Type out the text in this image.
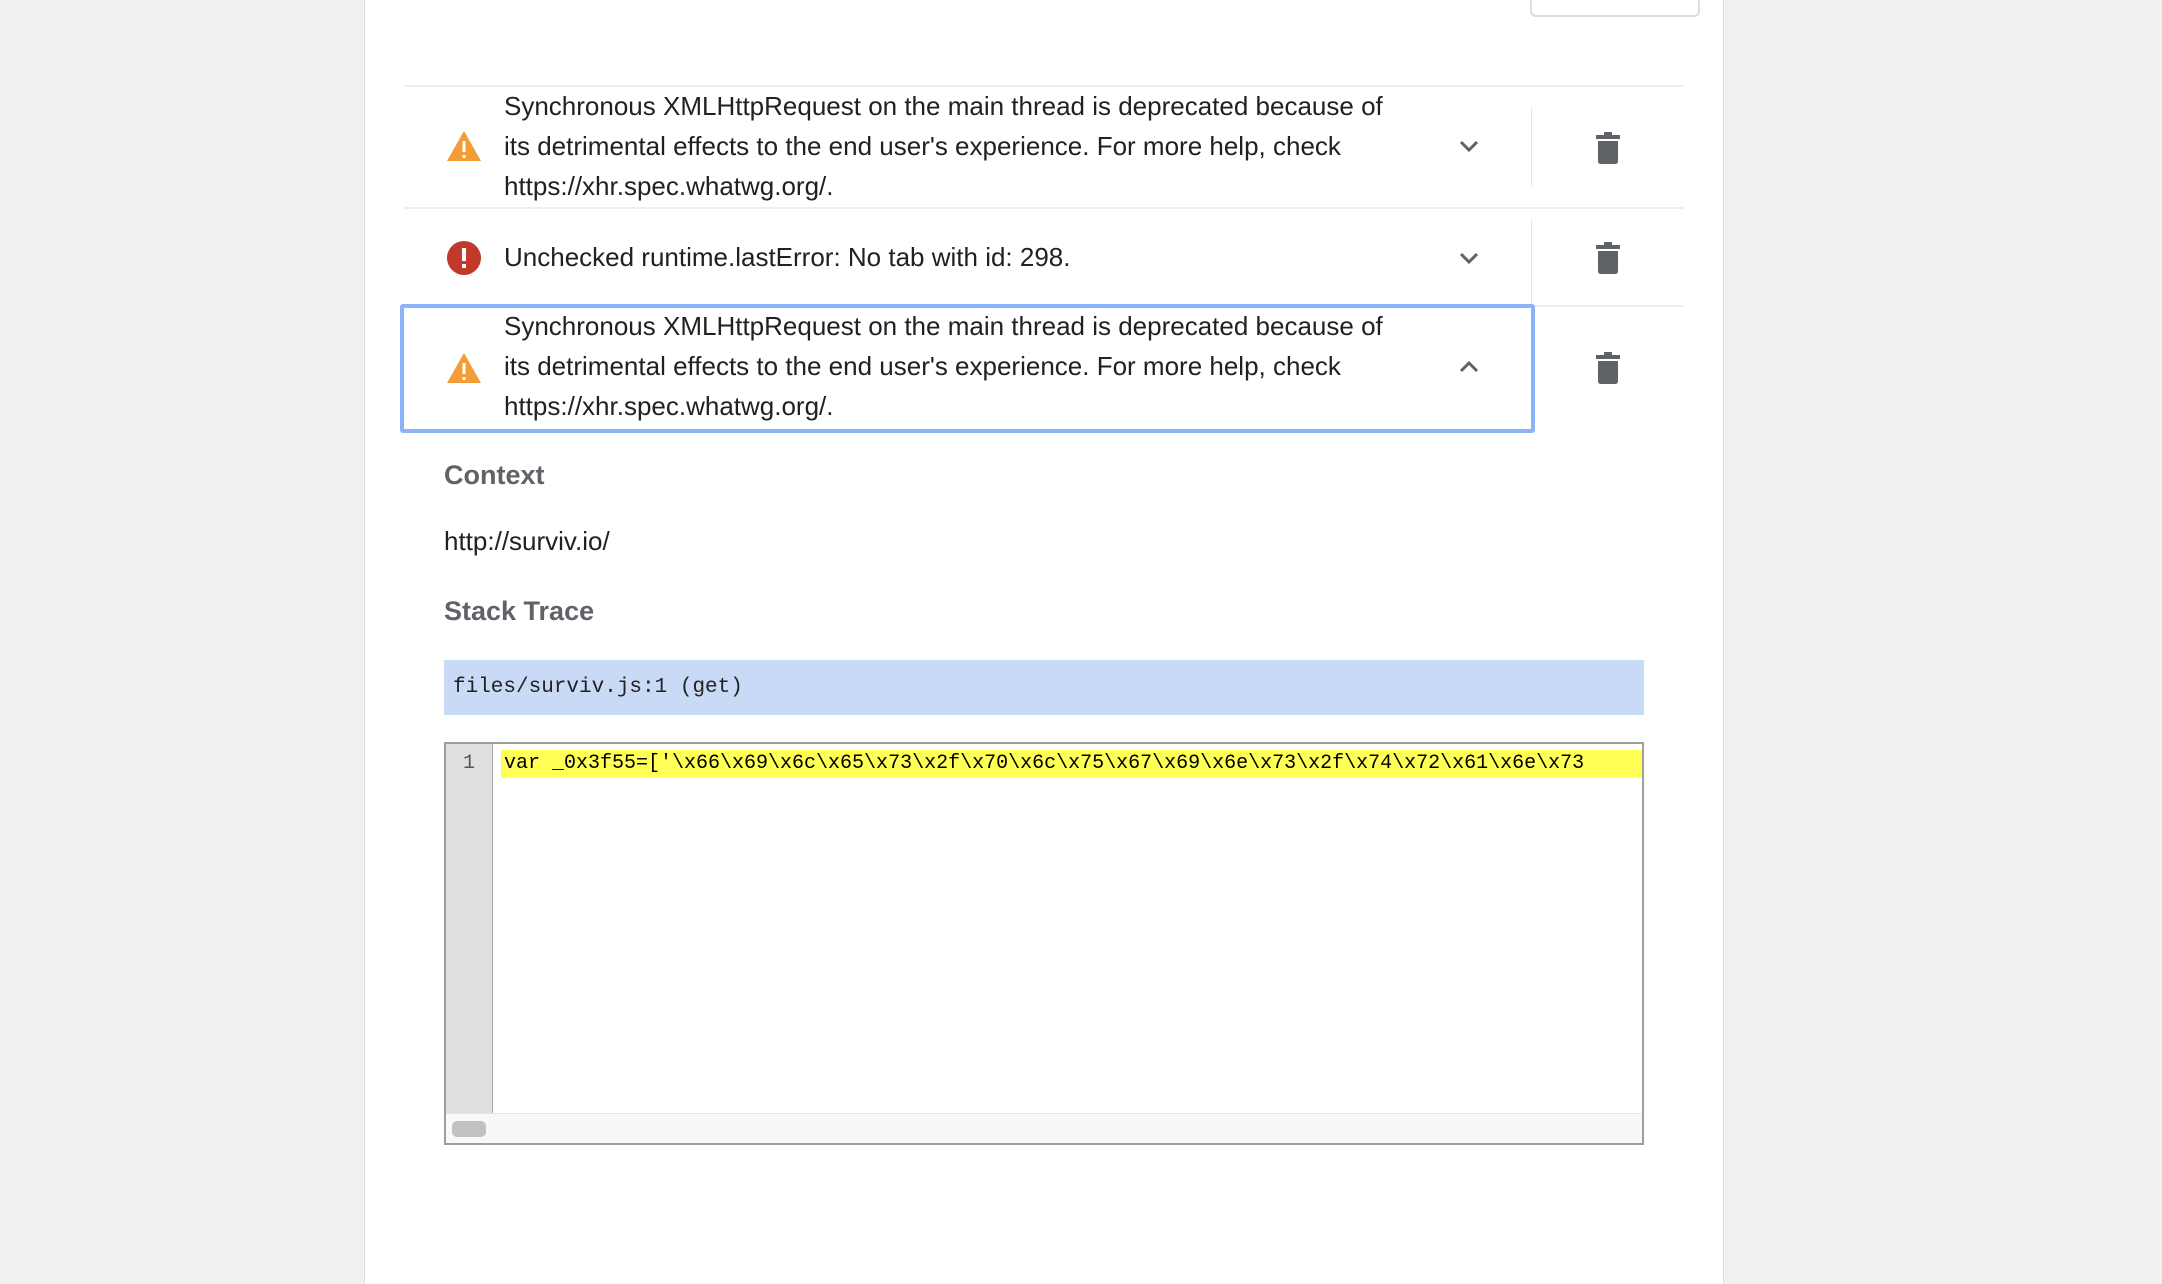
Synchronous XMLHttpRequest on the main thread is deprecated because of its detrimental effects to the end user's experience. For more help, check https://xhr.spec.whatwg.org/.
Unchecked runtime.lastError: No tab with id: 298.
Synchronous XMLHttpRequest on the main thread is deprecated because of its detrimental effects to the end user's experience. For more help, check https://xhr.spec.whatwg.org/.
Context
http://surviv.io/
Stack Trace
files/surviv.js:1 (get)
1	var _0x3f55=['\x66\x69\x6c\x65\x73\x2f\x70\x6c\x75\x67\x69\x6e\x73\x2f\x74\x72\x61\x6e\x73
